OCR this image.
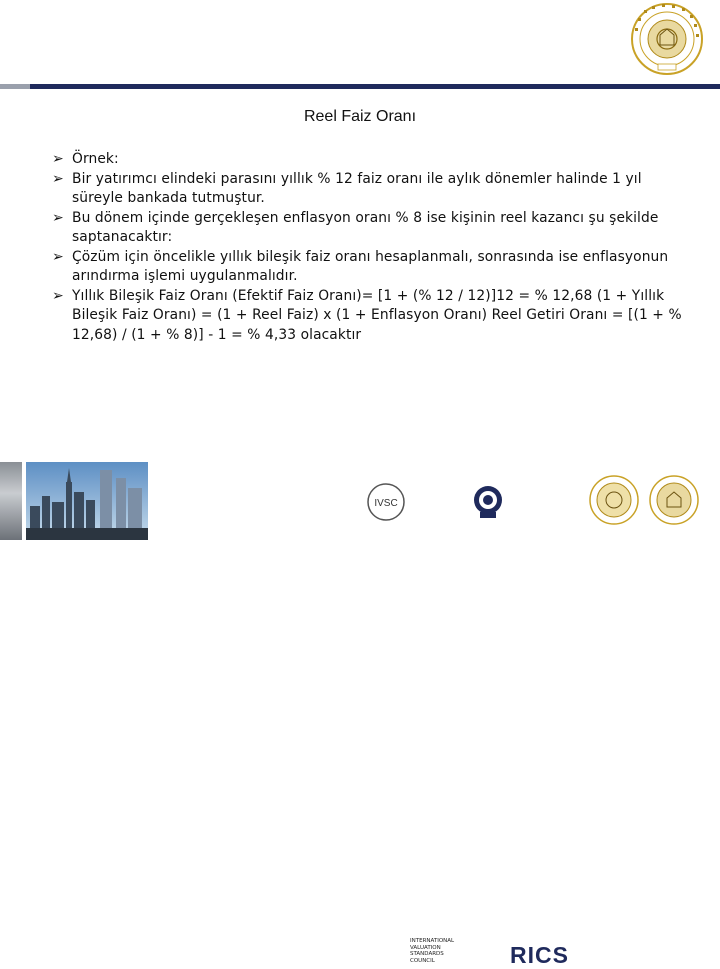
Reel Faiz Oranı
➢ Örnek:
➢ Bir yatırımcı elindeki parasını yıllık % 12 faiz oranı ile aylık dönemler halinde 1 yıl süreyle bankada tutmuştur.
➢ Bu dönem içinde gerçekleşen enflasyon oranı % 8 ise kişinin reel kazancı şu şekilde saptanacaktır:
➢ Çözüm için öncelikle yıllık bileşik faiz oranı hesaplanmalı, sonrasında ise enflasyonun arındırma işlemi uygulanmalıdır.
➢ Yıllık Bileşik Faiz Oranı (Efektif Faiz Oranı)= [1 + (% 12 / 12)]12 = % 12,68 (1 + Yıllık Bileşik Faiz Oranı) = (1 + Reel Faiz) x (1 + Enflasyon Oranı) Reel Getiri Oranı = [(1 + % 12,68) / (1 + % 8)] - 1 = % 4,33 olacaktır
IVSC
INTERNATIONAL
VALUATION
STANDARDS
COUNCIL	RICS
